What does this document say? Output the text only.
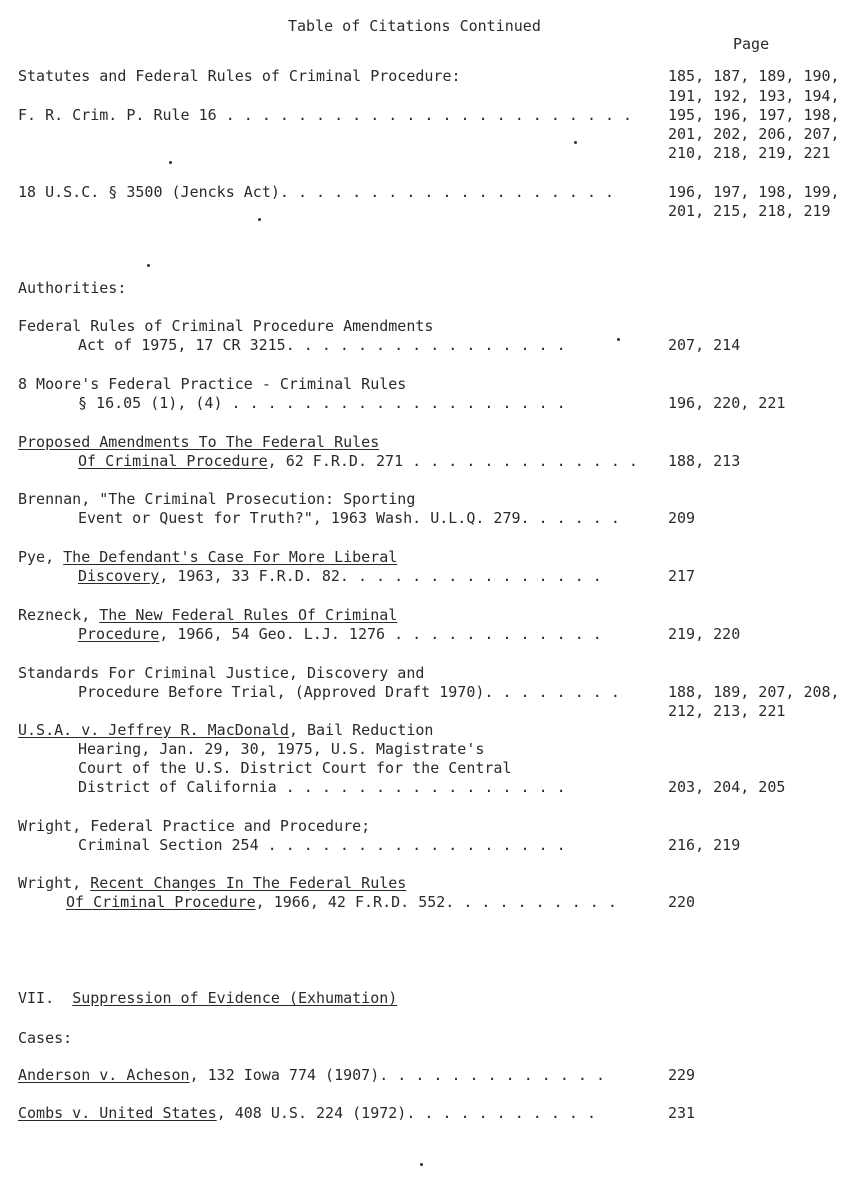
Table of Citations Continued
Page
Statutes and Federal Rules of Criminal Procedure:	185, 187, 189, 190,
191, 192, 193, 194,
F. R. Crim. P. Rule 16 . . . . . . . . . . . . . . . . . . . . . . . 195, 196, 197, 198,
201, 202, 206, 207,
210, 218, 219, 221
18 U.S.C. § 3500 (Jencks Act). . . . . . . . . . . . . . . . . . .	196, 197, 198, 199,
201, 215, 218, 219
Authorities:
Federal Rules of Criminal Procedure Amendments
Act of 1975, 17 CR 3215. . . . . . . . . . . . . . . .	207, 214
8 Moore's Federal Practice - Criminal Rules
§ 16.05 (1), (4) . . . . . . . . . . . . . . . . . . .	196, 220, 221
Proposed Amendments To The Federal Rules
Of Criminal Procedure, 62 F.R.D. 271 . . . . . . . . . . . . . 188, 213
Brennan, "The Criminal Prosecution: Sporting
Event or Quest for Truth?", 1963 Wash. U.L.Q. 279. . . . . .	209
Pye, The Defendant's Case For More Liberal
Discovery, 1963, 33 F.R.D. 82. . . . . . . . . . . . . . .	217
Rezneck, The New Federal Rules Of Criminal
Procedure, 1966, 54 Geo. L.J. 1276 . . . . . . . . . . . .	219, 220
Standards For Criminal Justice, Discovery and
Procedure Before Trial, (Approved Draft 1970). . . . . . . .	188, 189, 207, 208,
212, 213, 221
U.S.A. v. Jeffrey R. MacDonald, Bail Reduction
Hearing, Jan. 29, 30, 1975, U.S. Magistrate's
Court of the U.S. District Court for the Central
District of California . . . . . . . . . . . . . . . .	203, 204, 205
Wright, Federal Practice and Procedure;
Criminal Section 254 . . . . . . . . . . . . . . . . .	216, 219
Wright, Recent Changes In The Federal Rules
Of Criminal Procedure, 1966, 42 F.R.D. 552. . . . . . . . . .	220
VII. Suppression of Evidence (Exhumation)
Cases:
Anderson v. Acheson, 132 Iowa 774 (1907). . . . . . . . . . . . .	229
Combs v. United States, 408 U.S. 224 (1972). . . . . . . . . . .	231
